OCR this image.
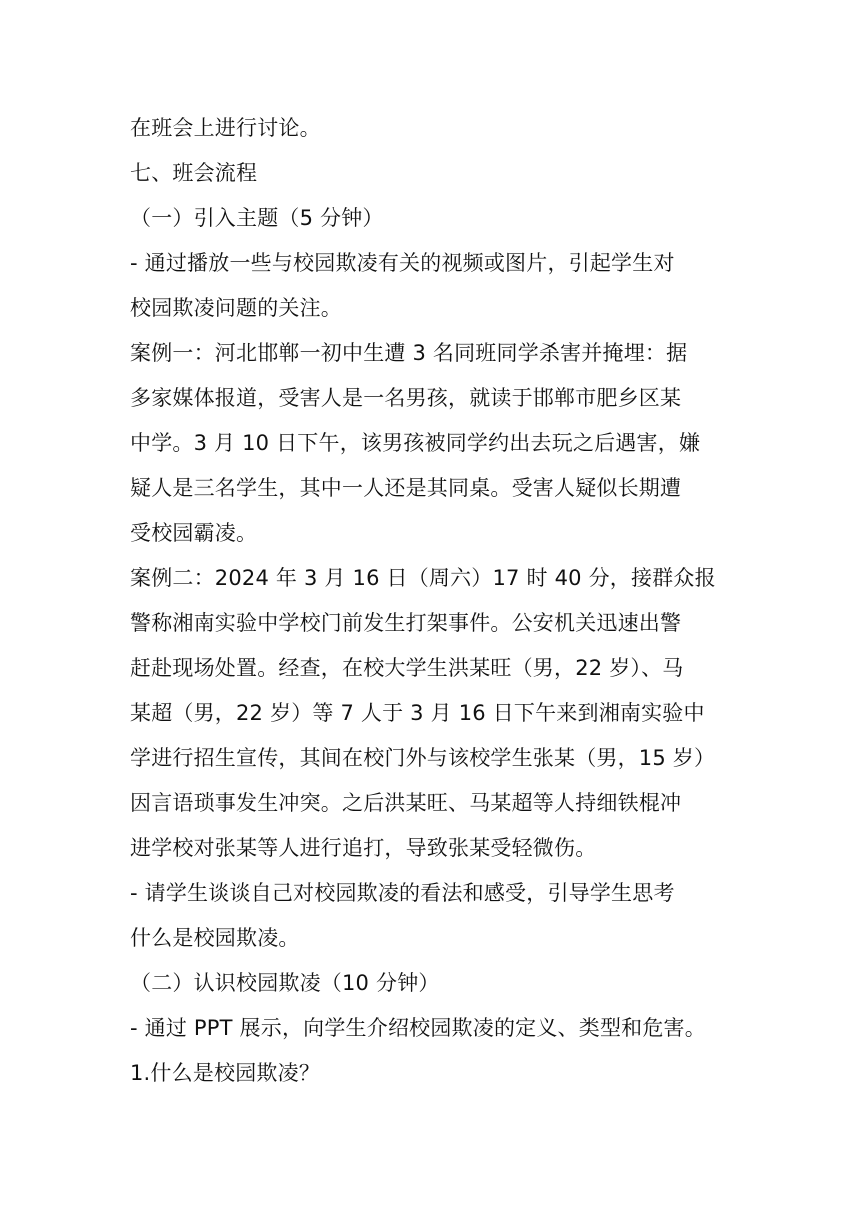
在班会上进行讨论。
七、班会流程
（一）引入主题（5 分钟）
- 通过播放一些与校园欺凌有关的视频或图片，引起学生对
校园欺凌问题的关注。
案例一：河北邯郸一初中生遭 3 名同班同学杀害并掩埋：据
多家媒体报道，受害人是一名男孩，就读于邯郸市肥乡区某
中学。3 月 10 日下午，该男孩被同学约出去玩之后遇害，嫌
疑人是三名学生，其中一人还是其同桌。受害人疑似长期遭
受校园霸凌。
案例二：2024 年 3 月 16 日（周六）17 时 40 分，接群众报
警称湘南实验中学校门前发生打架事件。公安机关迅速出警
赶赴现场处置。经查，在校大学生洪某旺（男，22 岁）、马
某超（男，22 岁）等 7 人于 3 月 16 日下午来到湘南实验中
学进行招生宣传，其间在校门外与该校学生张某（男，15 岁）
因言语琐事发生冲突。之后洪某旺、马某超等人持细铁棍冲
进学校对张某等人进行追打，导致张某受轻微伤。
- 请学生谈谈自己对校园欺凌的看法和感受，引导学生思考
什么是校园欺凌。
（二）认识校园欺凌（10 分钟）
- 通过 PPT 展示，向学生介绍校园欺凌的定义、类型和危害。
1.什么是校园欺凌？
